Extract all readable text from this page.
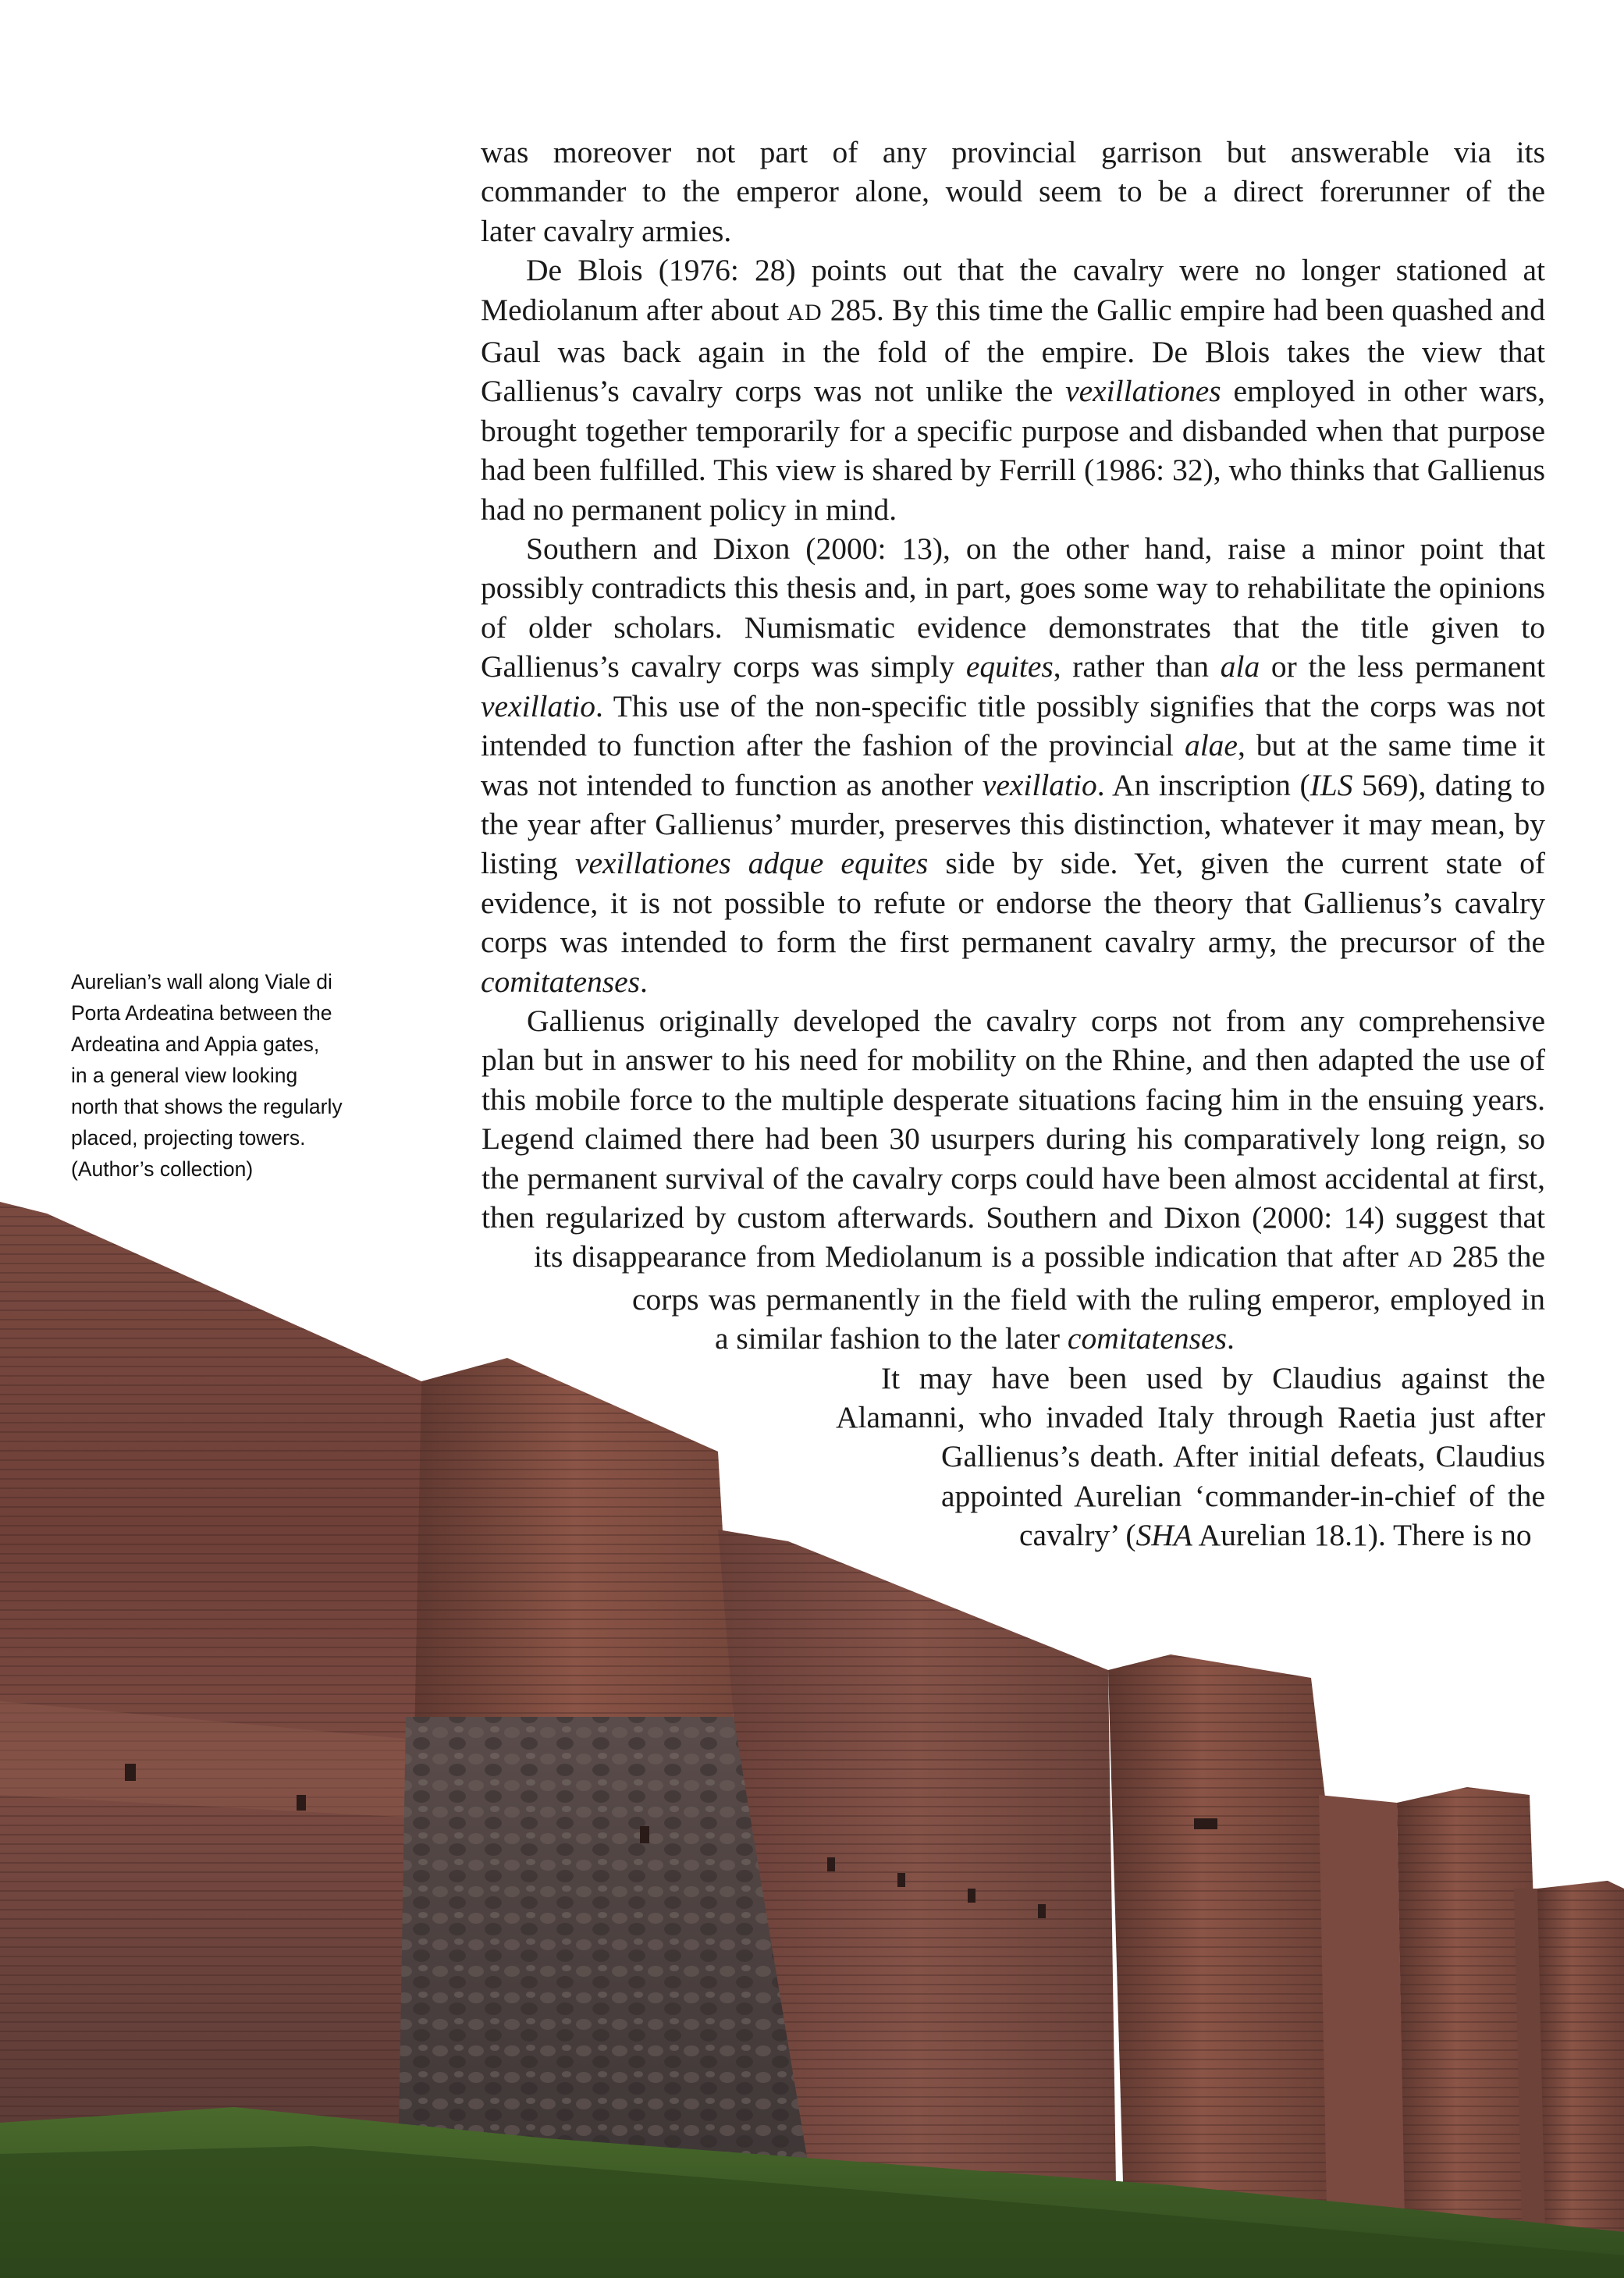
Aurelian’s wall along Viale di
Porta Ardeatina between the
Ardeatina and Appia gates,
in a general view looking
north that shows the regularly
placed, projecting towers.
(Author’s collection)

was moreover not part of any provincial garrison but answerable via its
commander to the emperor alone, would seem to be a direct forerunner of the
later cavalry armies.

De Blois (1976: 28) points out that the cavalry were no longer stationed at Mediolanum after about AD 285. By this time the Gallic empire had been quashed and Gaul was back again in the fold of the empire. De Blois takes the view that Gallienus’s cavalry corps was not unlike the vexillationes employed in other wars, brought together temporarily for a specific purpose and disbanded when that purpose had been fulfilled. This view is shared by Ferrill (1986: 32), who thinks that Gallienus had no permanent policy in mind.

Southern and Dixon (2000: 13), on the other hand, raise a minor point that possibly contradicts this thesis and, in part, goes some way to rehabilitate the opinions of older scholars. Numismatic evidence demonstrates that the title given to Gallienus’s cavalry corps was simply equites, rather than ala or the less permanent vexillatio. This use of the non-specific title possibly signifies that the corps was not intended to function after the fashion of the provincial alae, but at the same time it was not intended to function as another vexillatio. An inscription (ILS 569), dating to the year after Gallienus’ murder, preserves this distinction, whatever it may mean, by listing vexillationes adque equites side by side. Yet, given the current state of evidence, it is not possible to refute or endorse the theory that Gallienus’s cavalry corps was intended to form the first permanent cavalry army, the precursor of the comitatenses.

Gallienus originally developed the cavalry corps not from any comprehensive plan but in answer to his need for mobility on the Rhine, and then adapted the use of this mobile force to the multiple desperate situations facing him in the ensuing years. Legend claimed there had been 30 usurpers during his comparatively long reign, so the permanent survival of the cavalry corps could have been almost accidental at first, then regularized by custom afterwards. Southern and Dixon (2000: 14) suggest that its disappearance from Mediolanum is a possible indication that after AD 285 the corps was permanently in the field with the ruling emperor, employed in a similar fashion to the later comitatenses.

It may have been used by Claudius against the Alamanni, who invaded Italy through Raetia just after Gallienus’s death. After initial defeats, Claudius appointed Aurelian ‘commander-in-chief of the cavalry’ (SHA Aurelian 18.1). There is no
